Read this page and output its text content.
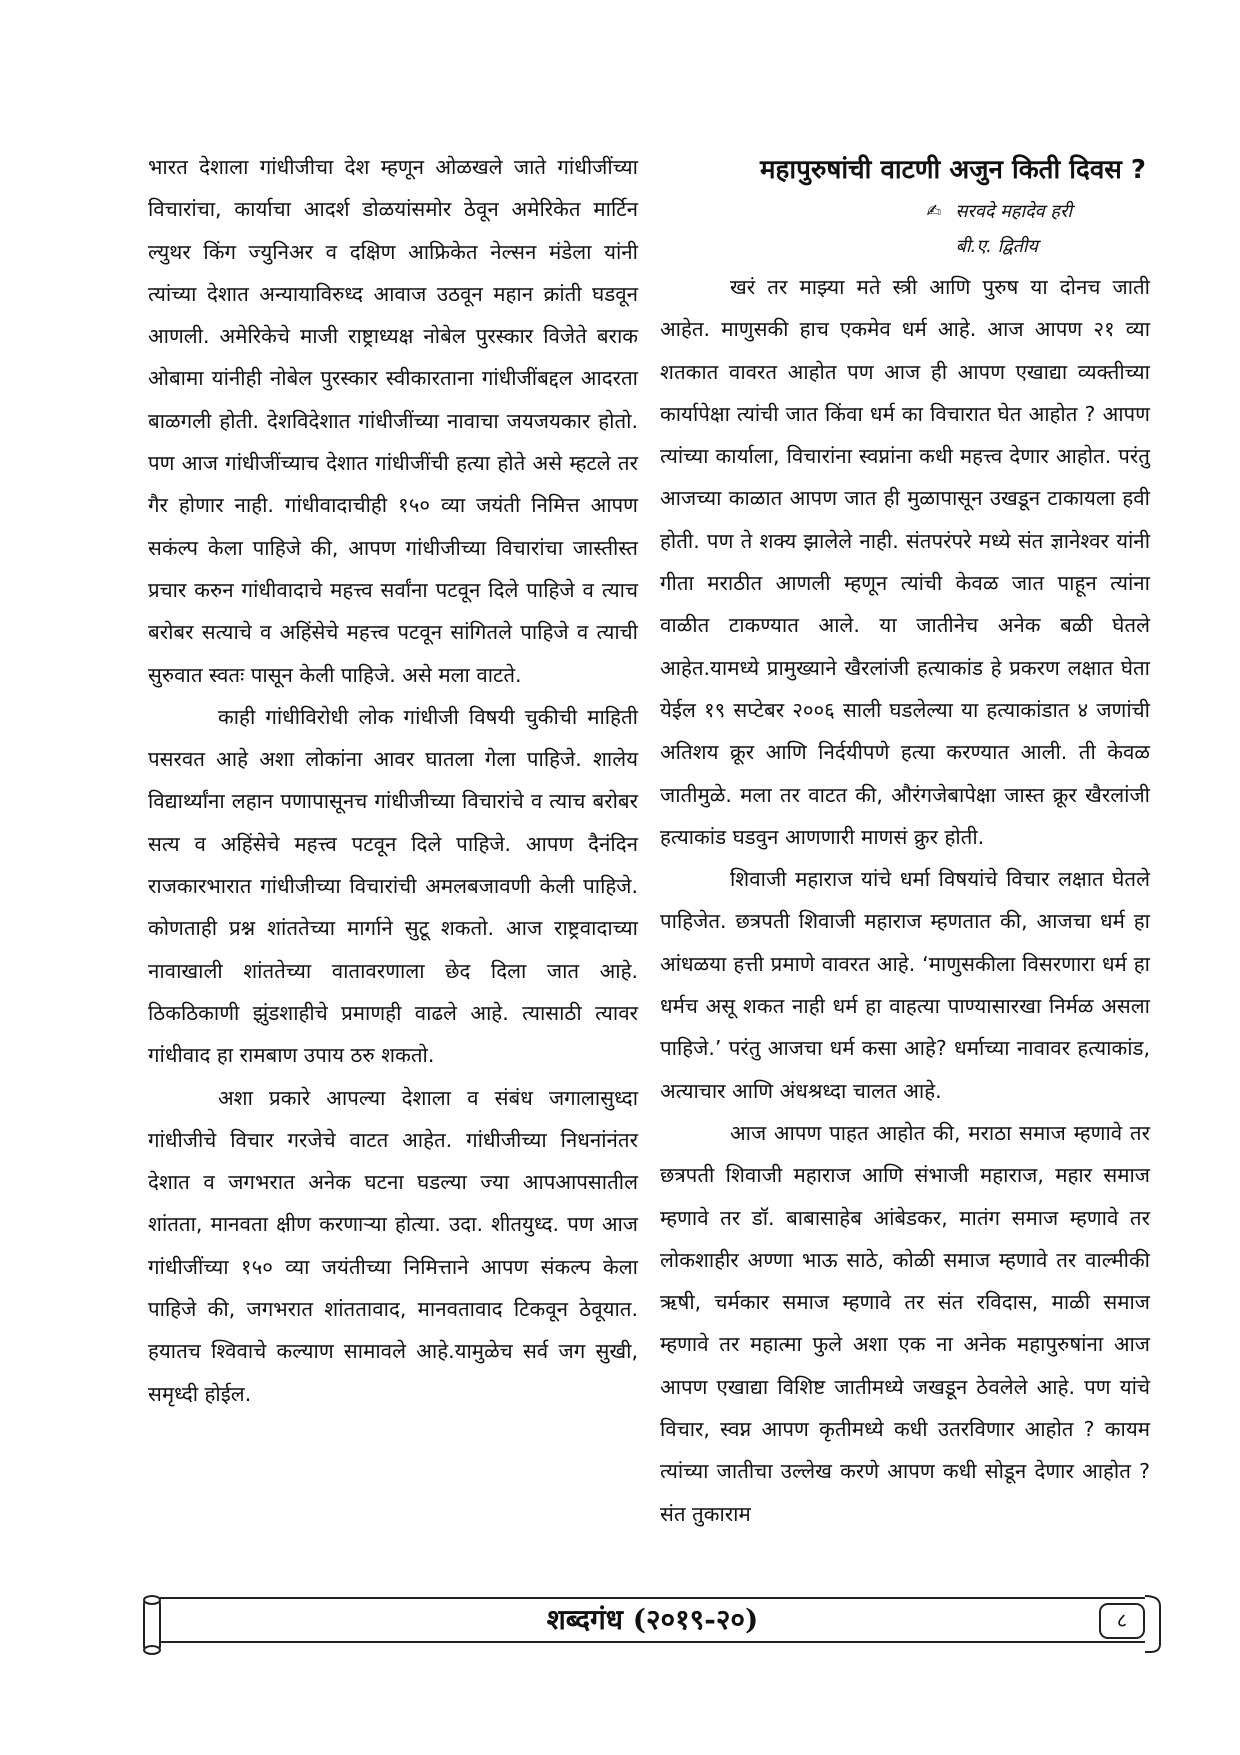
भारत देशाला गांधीजीचा देश म्हणून ओळखले जाते गांधीजींच्या विचारांचा, कार्याचा आदर्श डोळयांसमोर ठेवून अमेरिकेत मार्टिन ल्युथर किंग ज्युनिअर व दक्षिण आफ्रिकेत नेल्सन मंडेला यांनी त्यांच्या देशात अन्यायाविरुध्द आवाज उठवून महान क्रांती घडवून आणली. अमेरिकेचे माजी राष्ट्राध्यक्ष नोबेल पुरस्कार विजेते बराक ओबामा यांनीही नोबेल पुरस्कार स्वीकारताना गांधीजींबद्दल आदरता बाळगली होती. देशविदेशात गांधीजींच्या नावाचा जयजयकार होतो. पण आज गांधीजींच्याच देशात गांधीजींची हत्या होते असे म्हटले तर गैर होणार नाही. गांधीवादाचीही १५० व्या जयंती निमित्त आपण सकंल्प केला पाहिजे की, आपण गांधीजीच्या विचारांचा जास्तीस्त प्रचार करुन गांधीवादाचे महत्त्व सर्वांना पटवून दिले पाहिजे व त्याच बरोबर सत्याचे व अहिंसेचे महत्त्व पटवून सांगितले पाहिजे व त्याची सुरुवात स्वतः पासून केली पाहिजे. असे मला वाटते.

काही गांधीविरोधी लोक गांधीजी विषयी चुकीची माहिती पसरवत आहे अशा लोकांना आवर घातला गेला पाहिजे. शालेय विद्यार्थ्यांना लहान पणापासूनच गांधीजीच्या विचारांचे व त्याच बरोबर सत्य व अहिंसेचे महत्त्व पटवून दिले पाहिजे. आपण दैनंदिन राजकारभारात गांधीजीच्या विचारांची अमलबजावणी केली पाहिजे. कोणताही प्रश्न शांततेच्या मार्गाने सुटू शकतो. आज राष्ट्रवादाच्या नावाखाली शांततेच्या वातावरणाला छेद दिला जात आहे. ठिकठिकाणी झुंडशाहीचे प्रमाणही वाढले आहे. त्यासाठी त्यावर गांधीवाद हा रामबाण उपाय ठरु शकतो.

अशा प्रकारे आपल्या देशाला व संबंध जगालासुध्दा गांधीजीचे विचार गरजेचे वाटत आहेत. गांधीजीच्या निधनांनंतर देशात व जगभरात अनेक घटना घडल्या ज्या आपआपसातील शांतता, मानवता क्षीण करणाऱ्या होत्या. उदा. शीतयुध्द. पण आज गांधीजींच्या १५० व्या जयंतीच्या निमित्ताने आपण संकल्प केला पाहिजे की, जगभरात शांततावाद, मानवतावाद टिकवून ठेवूयात. हयातच श्विवाचे कल्याण सामावले आहे.यामुळेच सर्व जग सुखी, समृध्दी होईल.

महापुरुषांची वाटणी अजुन किती दिवस ?
✍ सरवदे महादेव हरी
बी.ए. द्वितीय

खरं तर माझ्या मते स्त्री आणि पुरुष या दोनच जाती आहेत. माणुसकी हाच एकमेव धर्म आहे. आज आपण २१ व्या शतकात वावरत आहोत पण आज ही आपण एखाद्या व्यक्तीच्या कार्यापेक्षा त्यांची जात किंवा धर्म का विचारात घेत आहोत ? आपण त्यांच्या कार्याला, विचारांना स्वप्नांना कधी महत्त्व देणार आहोत. परंतु आजच्या काळात आपण जात ही मुळापासून उखडून टाकायला हवी होती. पण ते शक्य झालेले नाही. संतपरंपरे मध्ये संत ज्ञानेश्वर यांनी गीता मराठीत आणली म्हणून त्यांची केवळ जात पाहून त्यांना वाळीत टाकण्यात आले. या जातीनेच अनेक बळी घेतले आहेत.यामध्ये प्रामुख्याने खैरलांजी हत्याकांड हे प्रकरण लक्षात घेता येईल १९ सप्टेबर २००६ साली घडलेल्या या हत्याकांडात ४ जणांची अतिशय क्रूर आणि निर्दयीपणे हत्या करण्यात आली. ती केवळ जातीमुळे. मला तर वाटत की, औरंगजेबापेक्षा जास्त क्रूर खैरलांजी हत्याकांड घडवुन आणणारी माणसं क्रुर होती.

शिवाजी महाराज यांचे धर्मा विषयांचे विचार लक्षात घेतले पाहिजेत. छत्रपती शिवाजी महाराज म्हणतात की, आजचा धर्म हा आंधळया हत्ती प्रमाणे वावरत आहे. ‘माणुसकीला विसरणारा धर्म हा धर्मच असू शकत नाही धर्म हा वाहत्या पाण्यासारखा निर्मळ असला पाहिजे.’ परंतु आजचा धर्म कसा आहे? धर्माच्या नावावर हत्याकांड, अत्याचार आणि अंधश्रध्दा चालत आहे.

आज आपण पाहत आहोत की, मराठा समाज म्हणावे तर छत्रपती शिवाजी महाराज आणि संभाजी महाराज, महार समाज म्हणावे तर डॉ. बाबासाहेब आंबेडकर, मातंग समाज म्हणावे तर लोकशाहीर अण्णा भाऊ साठे, कोळी समाज म्हणावे तर वाल्मीकी ऋषी, चर्मकार समाज म्हणावे तर संत रविदास, माळी समाज म्हणावे तर महात्मा फुले अशा एक ना अनेक महापुरुषांना आज आपण एखाद्या विशिष्ट जातीमध्ये जखडून ठेवलेले आहे. पण यांचे विचार, स्वप्न आपण कृतीमध्ये कधी उतरविणार आहोत ? कायम त्यांच्या जातीचा उल्लेख करणे आपण कधी सोडून देणार आहोत ? संत तुकाराम

शब्दगंध (२०१९-२०)	८
